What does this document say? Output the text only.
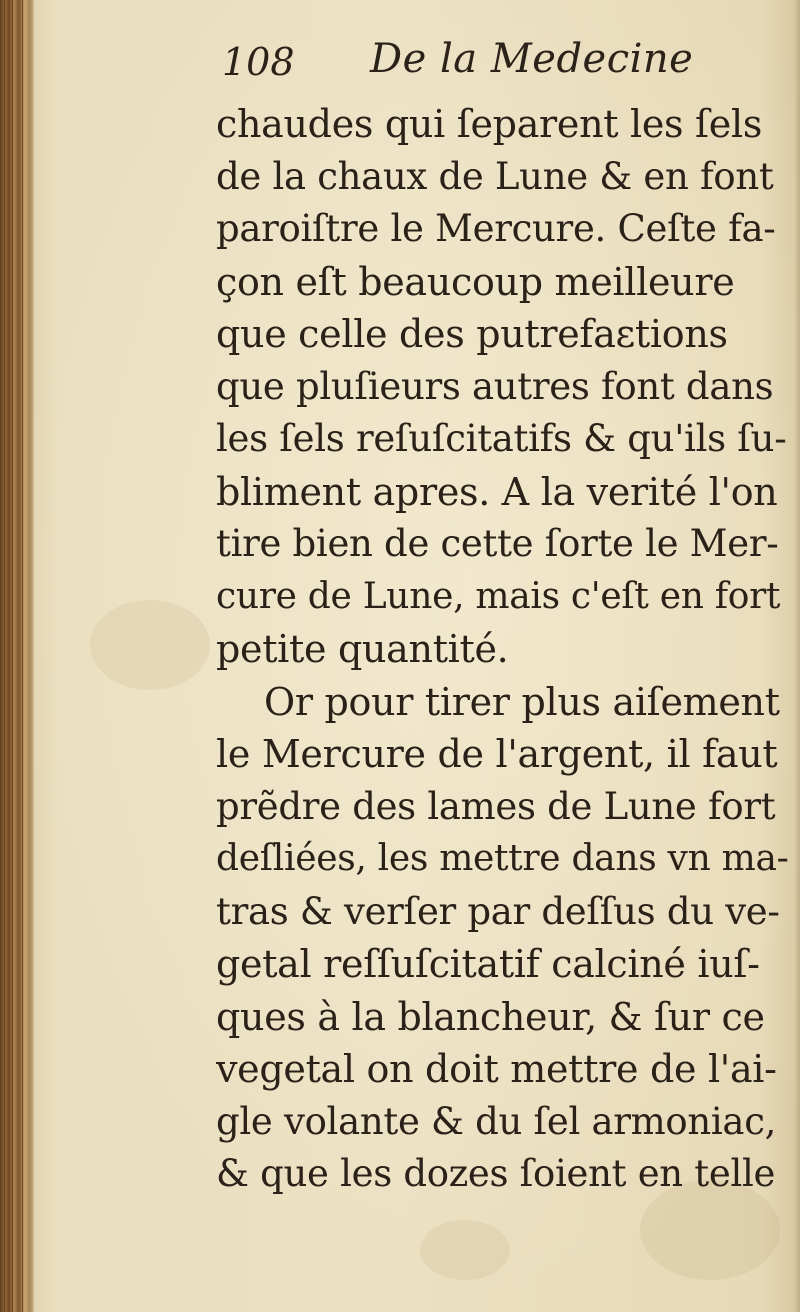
108 De la Medecine
chaudes qui ſeparent les ſels
de la chaux de Lune & en font
paroiſtre le Mercure. Ceſte fa-
çon eſt beaucoup meilleure
que celle des putrefaɛtions
que pluſieurs autres font dans
les ſels reſuſcitatifs & qu'ils ſu-
bliment apres. A la verité l'on
tire bien de cette ſorte le Mer-
cure de Lune, mais c'eſt en fort
petite quantité.
Or pour tirer plus aiſement
le Mercure de l'argent, il faut
prẽdre des lames de Lune fort
deſliées, les mettre dans vn ma-
tras & verſer par deſſus du ve-
getal reſſuſcitatif calciné iuſ-
ques à la blancheur, & ſur ce
vegetal on doit mettre de l'ai-
gle volante & du ſel armoniac,
& que les dozes ſoient en telle
